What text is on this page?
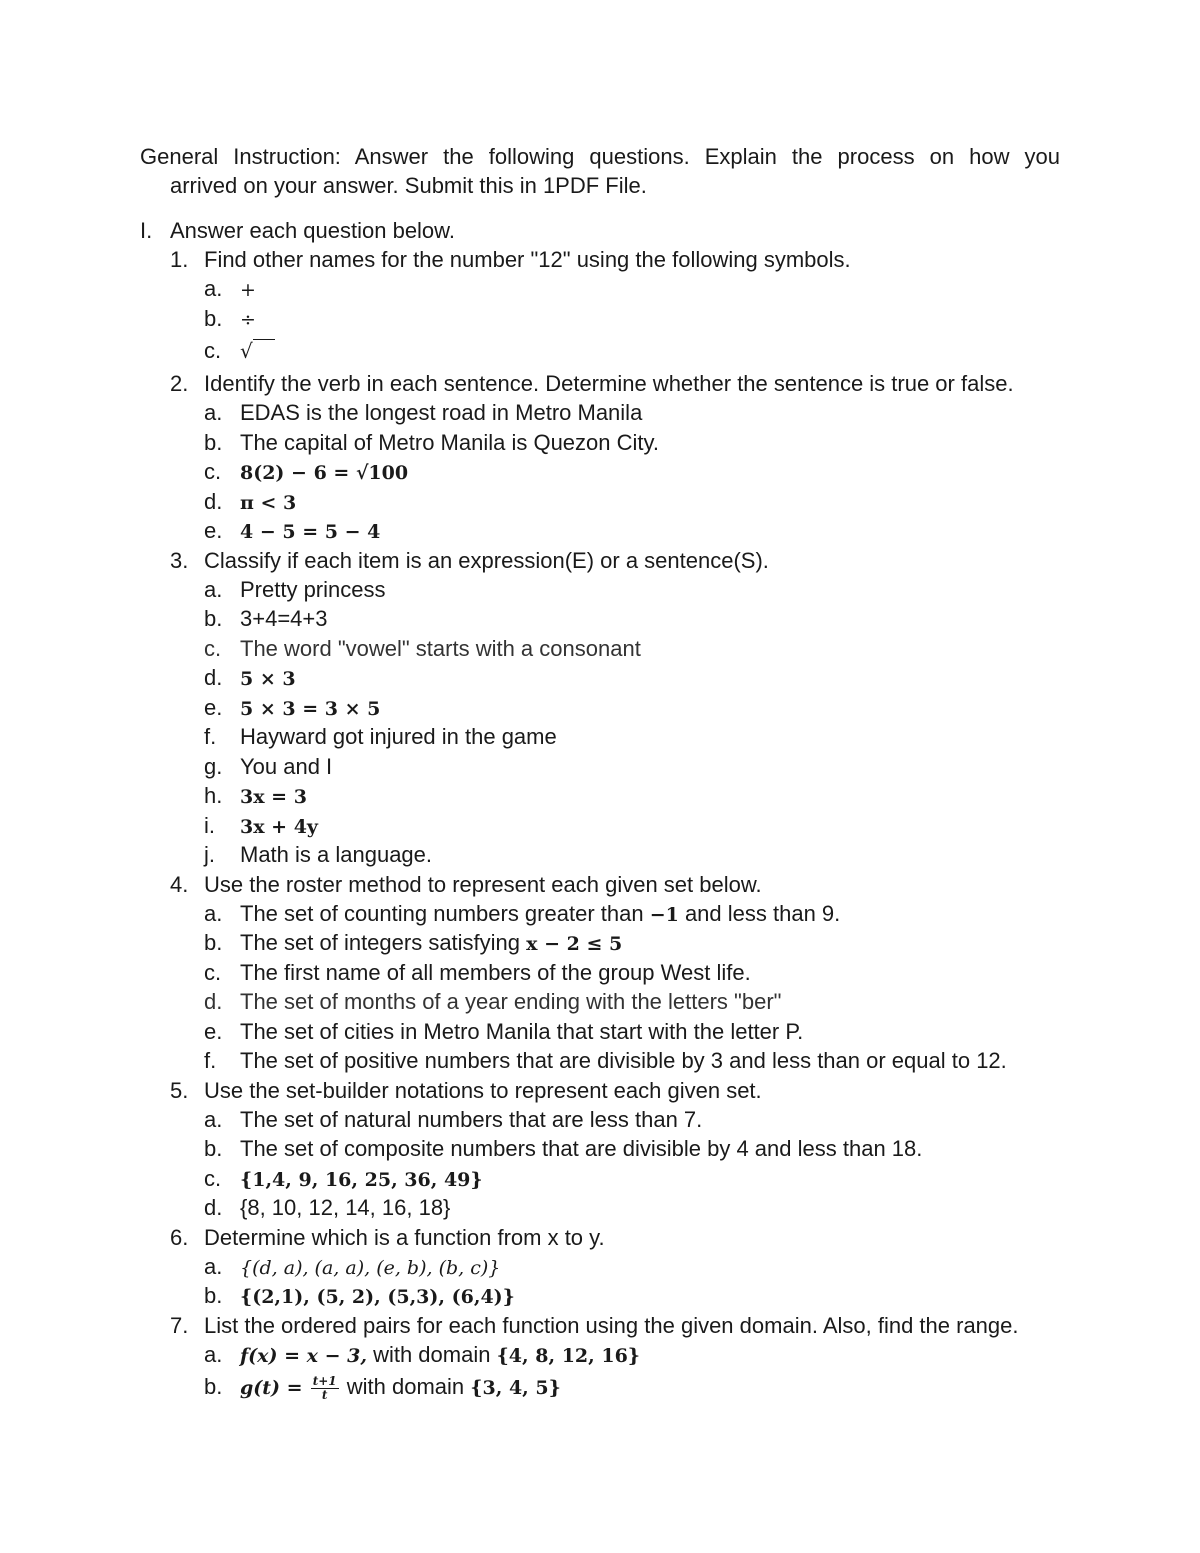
General Instruction: Answer the following questions. Explain the process on how you
arrived on your answer. Submit this in 1PDF File.
I. Answer each question below.
1. Find other names for the number "12" using the following symbols.
a. +
b. ÷
c. √
2. Identify the verb in each sentence. Determine whether the sentence is true or false.
a. EDAS is the longest road in Metro Manila
b. The capital of Metro Manila is Quezon City.
c. 8(2) − 6 = √100
d. π < 3
e. 4 − 5 = 5 − 4
3. Classify if each item is an expression(E) or a sentence(S).
a. Pretty princess
b. 3+4=4+3
c. The word "vowel" starts with a consonant
d. 5 × 3
e. 5 × 3 = 3 × 5
f. Hayward got injured in the game
g. You and I
h. 3x = 3
i. 3x + 4y
j. Math is a language.
4. Use the roster method to represent each given set below.
a. The set of counting numbers greater than −1 and less than 9.
b. The set of integers satisfying x − 2 ≤ 5
c. The first name of all members of the group West life.
d. The set of months of a year ending with the letters "ber"
e. The set of cities in Metro Manila that start with the letter P.
f. The set of positive numbers that are divisible by 3 and less than or equal to 12.
5. Use the set-builder notations to represent each given set.
a. The set of natural numbers that are less than 7.
b. The set of composite numbers that are divisible by 4 and less than 18.
c. {1,4, 9, 16, 25, 36, 49}
d. {8, 10, 12, 14, 16, 18}
6. Determine which is a function from x to y.
a. {(d, a), (a, a), (e, b), (b, c)}
b. {(2,1), (5, 2), (5,3), (6,4)}
7. List the ordered pairs for each function using the given domain. Also, find the range.
a. f(x) = x − 3, with domain {4, 8, 12, 16}
b. $g(t) = \frac{t+1}{t}$ with domain {3, 4, 5}
